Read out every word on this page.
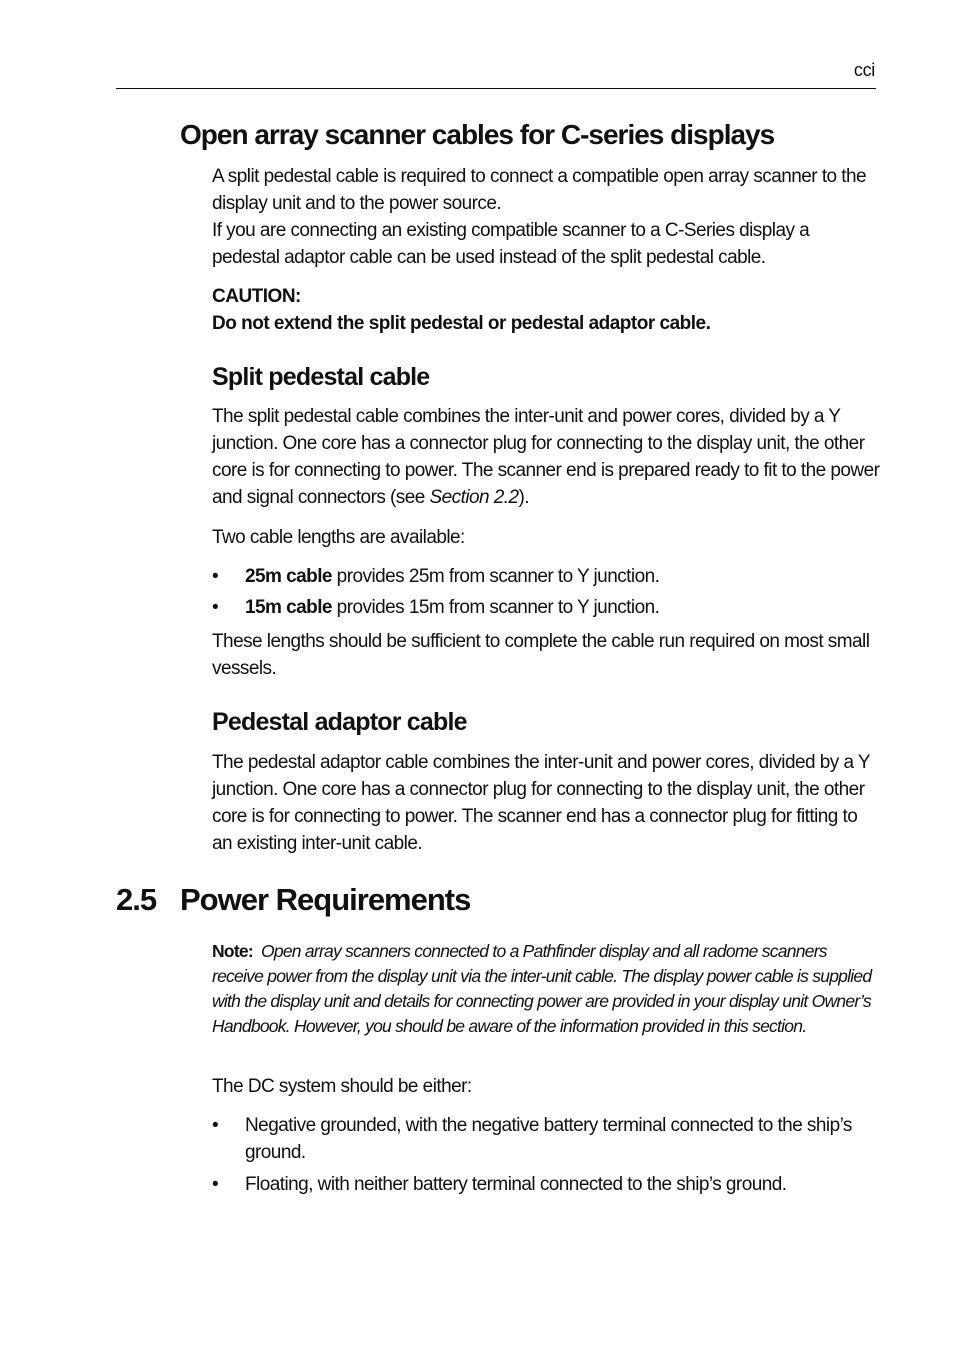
cci
Open array scanner cables for C-series displays

A split pedestal cable is required to connect a compatible open array scanner to the display unit and to the power source.
If you are connecting an existing compatible scanner to a C-Series display a pedestal adaptor cable can be used instead of the split pedestal cable.

CAUTION:
Do not extend the split pedestal or pedestal adaptor cable.
Split pedestal cable

The split pedestal cable combines the inter-unit and power cores, divided by a Y junction. One core has a connector plug for connecting to the display unit, the other core is for connecting to power. The scanner end is prepared ready to fit to the power and signal connectors (see Section 2.2).

Two cable lengths are available:

• 25m cable provides 25m from scanner to Y junction.
• 15m cable provides 15m from scanner to Y junction.

These lengths should be sufficient to complete the cable run required on most small vessels.

Pedestal adaptor cable

The pedestal adaptor cable combines the inter-unit and power cores, divided by a Y junction. One core has a connector plug for connecting to the display unit, the other core is for connecting to power. The scanner end has a connector plug for fitting to an existing inter-unit cable.

2.5 Power Requirements

Note: Open array scanners connected to a Pathfinder display and all radome scanners receive power from the display unit via the inter-unit cable. The display power cable is supplied with the display unit and details for connecting power are provided in your display unit Owner’s Handbook. However, you should be aware of the information provided in this section.

The DC system should be either:

• Negative grounded, with the negative battery terminal connected to the ship’s ground.
• Floating, with neither battery terminal connected to the ship’s ground.
